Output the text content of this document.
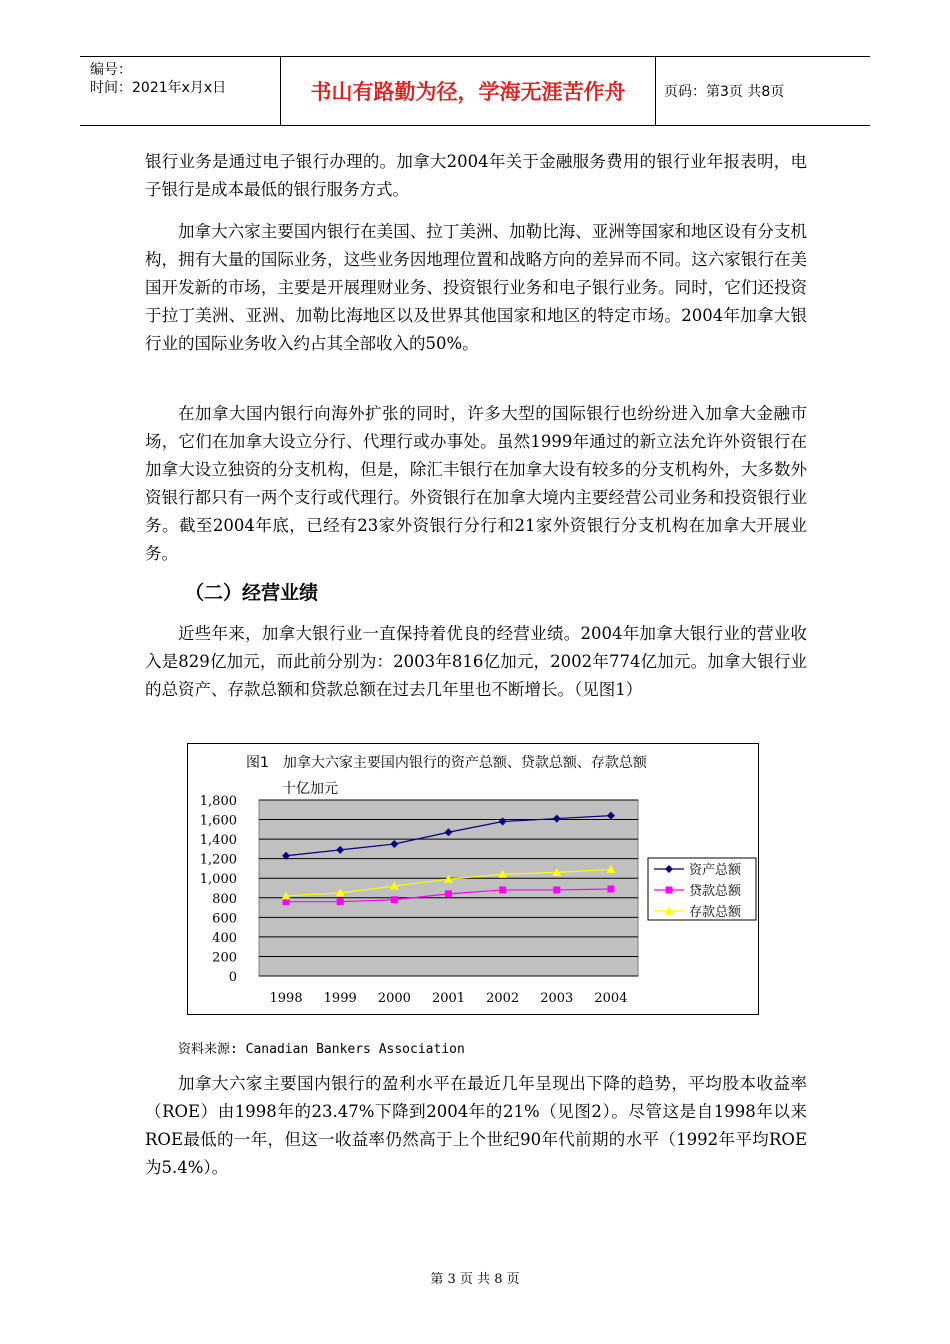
编号：
时间：2021年x月x日	书山有路勤为径，学海无涯苦作舟	页码：第3页 共8页

银行业务是通过电子银行办理的。加拿大2004年关于金融服务费用的银行业年报表明，电子银行是成本最低的银行服务方式。

加拿大六家主要国内银行在美国、拉丁美洲、加勒比海、亚洲等国家和地区设有分支机构，拥有大量的国际业务，这些业务因地理位置和战略方向的差异而不同。这六家银行在美国开发新的市场，主要是开展理财业务、投资银行业务和电子银行业务。同时，它们还投资于拉丁美洲、亚洲、加勒比海地区以及世界其他国家和地区的特定市场。2004年加拿大银行业的国际业务收入约占其全部收入的50%。

在加拿大国内银行向海外扩张的同时，许多大型的国际银行也纷纷进入加拿大金融市场，它们在加拿大设立分行、代理行或办事处。虽然1999年通过的新立法允许外资银行在加拿大设立独资的分支机构，但是，除汇丰银行在加拿大设有较多的分支机构外，大多数外资银行都只有一两个支行或代理行。外资银行在加拿大境内主要经营公司业务和投资银行业务。截至2004年底，已经有23家外资银行分行和21家外资银行分支机构在加拿大开展业务。

（二）经营业绩

近些年来，加拿大银行业一直保持着优良的经营业绩。2004年加拿大银行业的营业收入是829亿加元，而此前分别为：2003年816亿加元，2002年774亿加元。加拿大银行业的总资产、存款总额和贷款总额在过去几年里也不断增长。（见图1）

图1　加拿大六家主要国内银行的资产总额、贷款总额、存款总额
十亿加元
1,800
1,600
1,400
1,200
1,000
800
600
400
200
0
1998 1999 2000 2001 2002 2003 2004
资产总额
贷款总额
存款总额
资料来源: Canadian Bankers Association

加拿大六家主要国内银行的盈利水平在最近几年呈现出下降的趋势，平均股本收益率（ROE）由1998年的23.47%下降到2004年的21%（见图2）。尽管这是自1998年以来ROE最低的一年，但这一收益率仍然高于上个世纪90年代前期的水平（1992年平均ROE为5.4%）。

第 3 页 共 8 页
